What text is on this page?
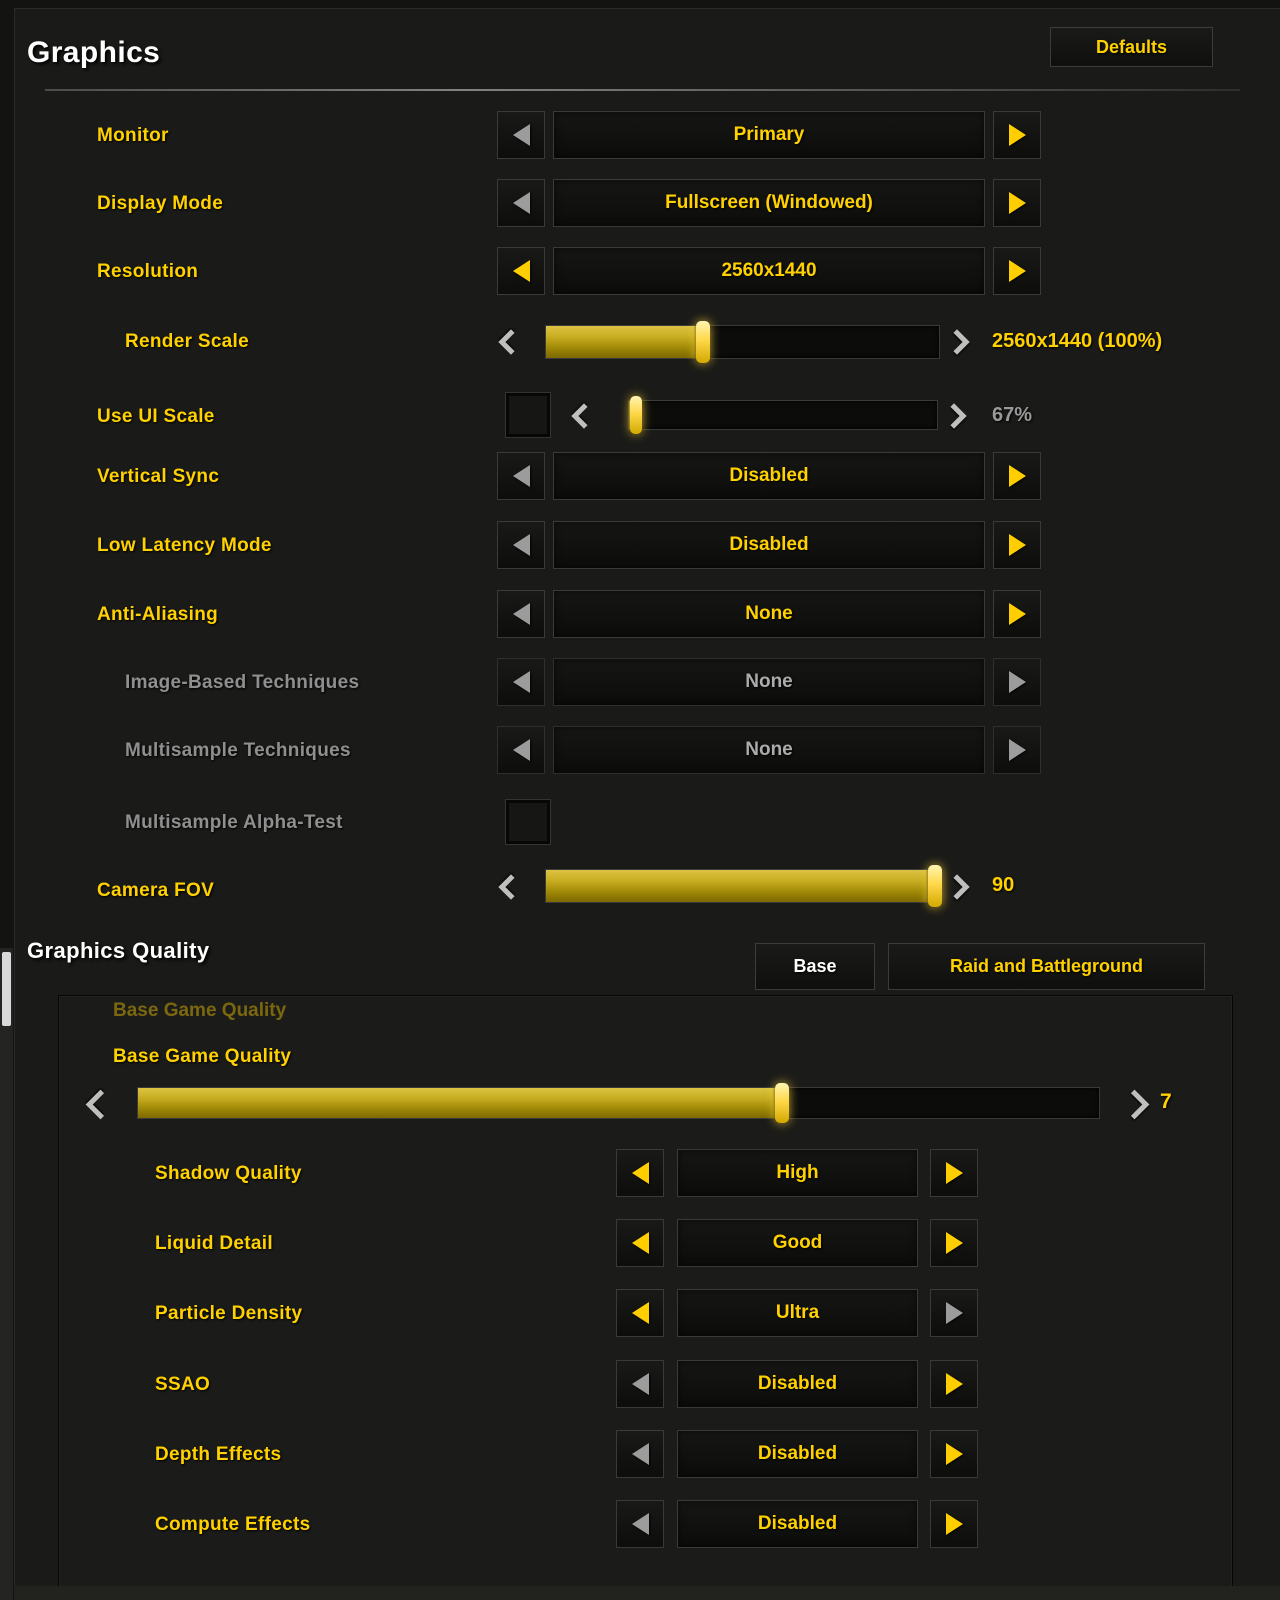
Graphics	Defaults
Monitor	Primary
Display Mode	Fullscreen (Windowed)
Resolution	2560x1440
Render Scale	2560x1440 (100%)
Use UI Scale	67%
Vertical Sync	Disabled
Low Latency Mode	Disabled
Anti-Aliasing	None
Image-Based Techniques	None
Multisample Techniques	None
Multisample Alpha-Test
Camera FOV	90
Graphics Quality
Base	Raid and Battleground
Base Game Quality
Base Game Quality
7
Shadow Quality	High
Liquid Detail	Good
Particle Density	Ultra
SSAO	Disabled
Depth Effects	Disabled
Compute Effects	Disabled
